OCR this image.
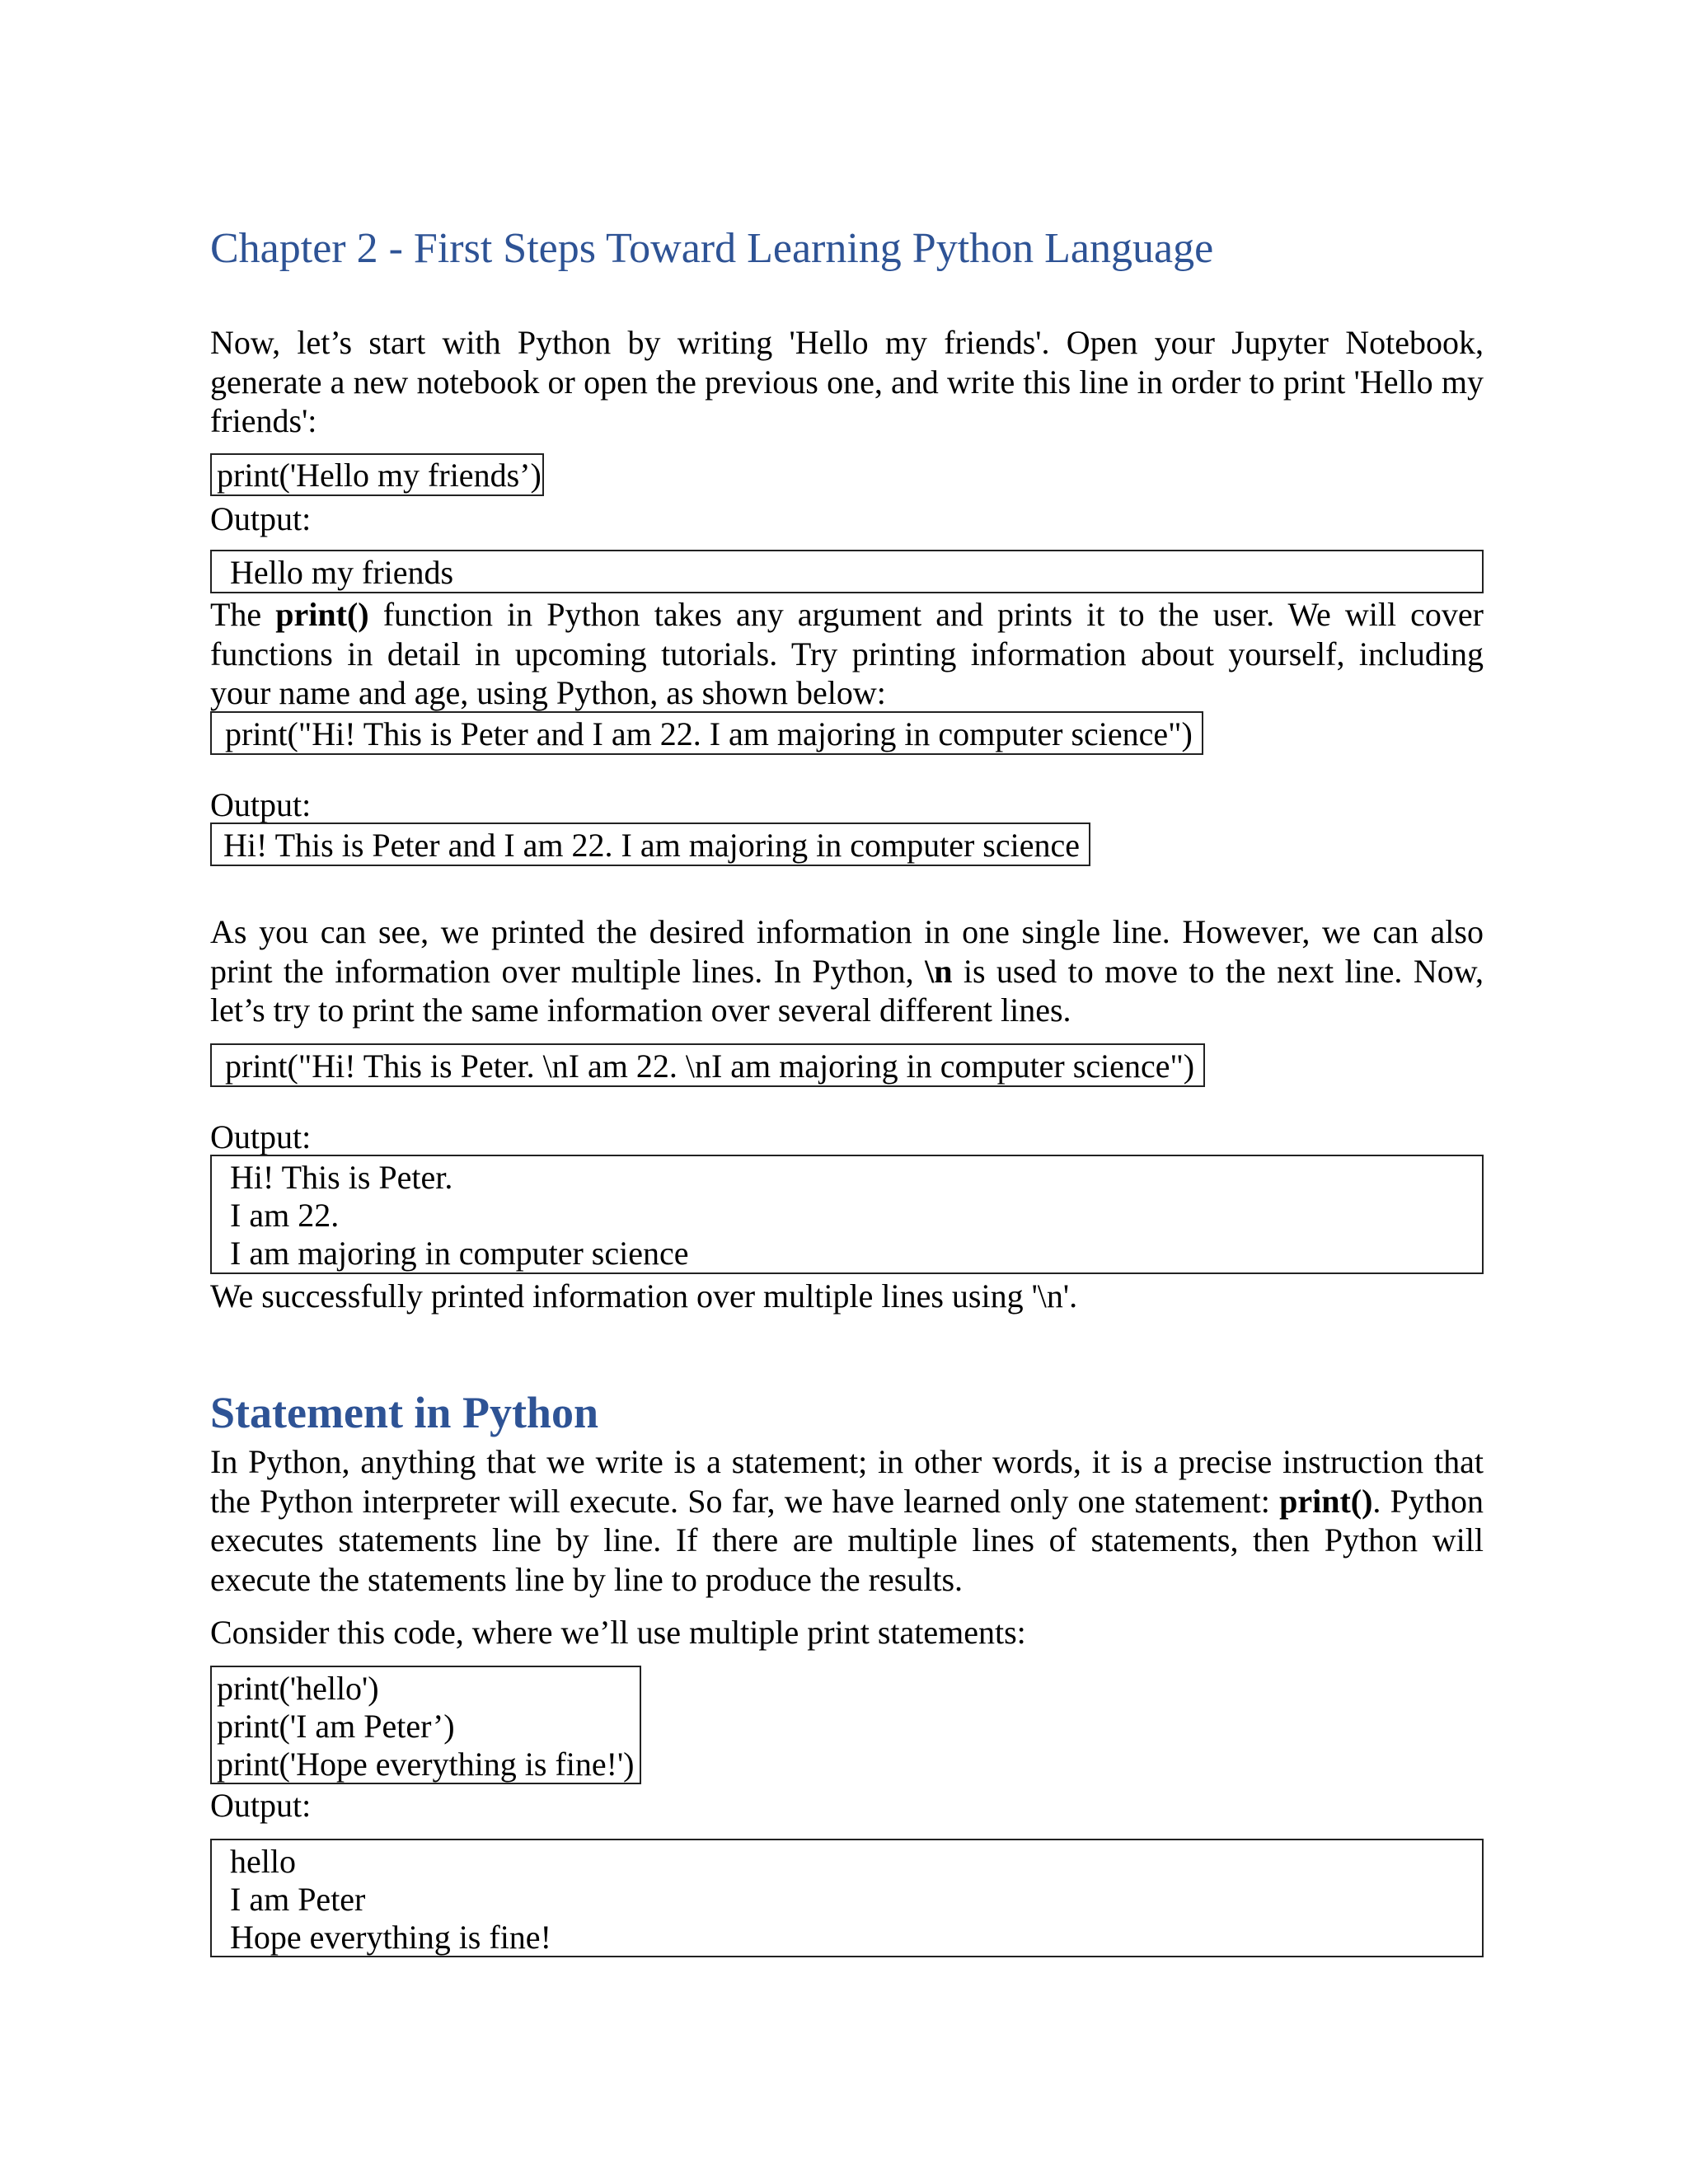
Chapter 2 - First Steps Toward Learning Python Language
Now, let’s start with Python by writing 'Hello my friends'. Open your Jupyter Notebook, generate a new notebook or open the previous one, and write this line in order to print 'Hello my friends':
print('Hello my friends’)
Output:
Hello my friends
The print() function in Python takes any argument and prints it to the user. We will cover functions in detail in upcoming tutorials. Try printing information about yourself, including your name and age, using Python, as shown below:
print("Hi! This is Peter and I am 22. I am majoring in computer science")
Output:
Hi! This is Peter and I am 22. I am majoring in computer science
As you can see, we printed the desired information in one single line. However, we can also print the information over multiple lines. In Python, \n is used to move to the next line. Now, let’s try to print the same information over several different lines.
print("Hi! This is Peter. \nI am 22. \nI am majoring in computer science")
Output:
Hi! This is Peter.
I am 22.
I am majoring in computer science
We successfully printed information over multiple lines using '\n'.
Statement in Python
In Python, anything that we write is a statement; in other words, it is a precise instruction that the Python interpreter will execute. So far, we have learned only one statement: print(). Python executes statements line by line. If there are multiple lines of statements, then Python will execute the statements line by line to produce the results.
Consider this code, where we’ll use multiple print statements:
print('hello')
print('I am Peter’)
print('Hope everything is fine!')
Output:
hello
I am Peter
Hope everything is fine!
